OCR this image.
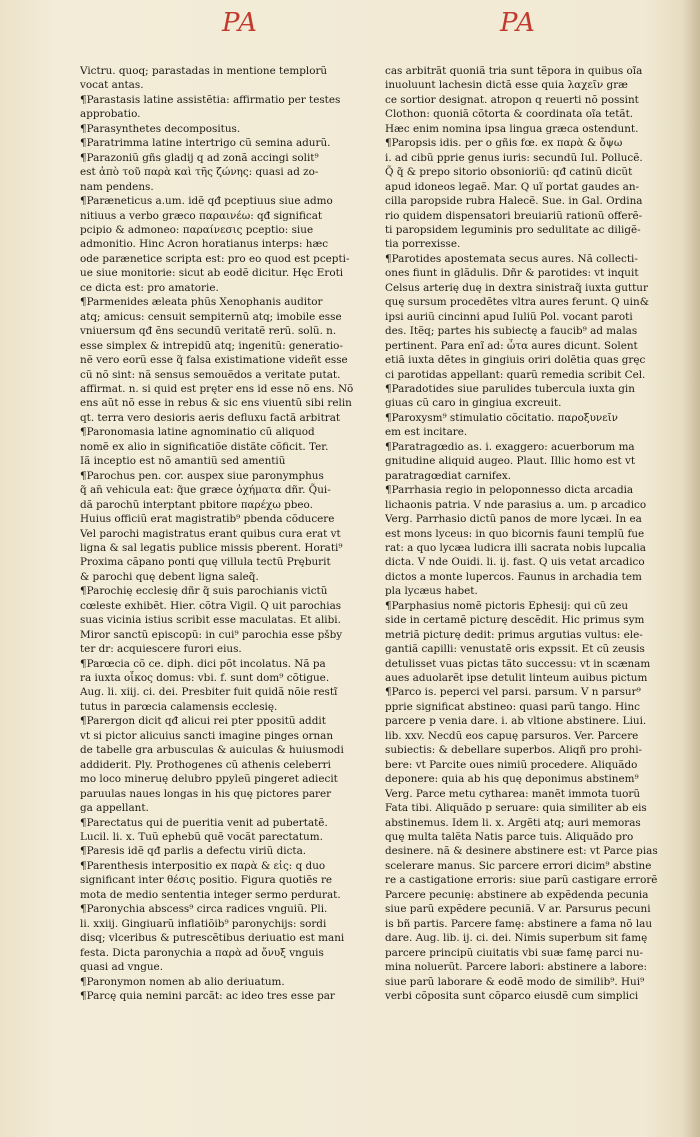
PA	PA
Victru. quoq; parastadas in mentione templorũ
vocat antas.
¶Parastasis latine assistẽtia: affirmatio per testes
approbatio.
¶Parasynthetes decompositus.
¶Paratrimma latine intertrigo cũ semina adurũ.
¶Parazoniũ gñs gladij q ad zonã accingi solit⁹
est ἀπὸ τοῦ παρὰ καὶ τῆς ζώνης: quasi ad zo-
nam pendens.
¶Paræneticus a.um. idẽ qđ pceptiuus siue admo
nitiuus a verbo græco παραινέω: qđ significat
pcipio & admoneo: παραίνεσις pceptio: siue
admonitio. Hinc Acron horatianus interps: hæc
ode parænetice scripta est: pro eo quod est pcepti-
ue siue monitorie: sicut ab eodẽ dicitur. Hęc Eroti
ce dicta est: pro amatorie.
¶Parmenides æleata phũs Xenophanis auditor
atq; amicus: censuit sempiternũ atq; imobile esse
vniuersum qđ ẽns secundũ veritatẽ rerũ. solũ. n.
esse simplex & intrepidũ atq; ingenitũ: generatio-
nẽ vero eorũ esse q̃ falsa existimatione videñt esse
cũ nõ sint: nã sensus semouẽdos a veritate putat.
affirmat. n. si quid est pręter ens id esse nõ ens. Nõ
ens aũt nõ esse in rebus & sic ens viuentũ sibi relin
qt. terra vero desioris aeris defluxu factã arbitrat
¶Paronomasia latine agnominatio cũ aliquod
nomẽ ex alio in significatiõe distãte cõficit. Ter.
Iã inceptio est nõ amantiũ sed amentiũ
¶Parochus pen. cor. auspex siue paronymphus
q̃ an̄ vehicula eat: q̃ue græce ὀχήματα dñr. Q̃ui-
dã parochũ interptant pbitore παρέχω pbeo.
Huius officiũ erat magistratib⁹ pbenda cõducere
Vel parochi magistratus erant quibus cura erat vt
ligna & sal legatis publice missis pberent. Horati⁹
Proxima cãpano ponti quę villula tectũ Pręburit
& parochi quę debent ligna saleq̃.
¶Parochię ecclesię dñr q̃ suis parochianis victũ
cœleste exhibẽt. Hier. cõtra Vigil. Q uit parochias
suas vicinia istius scribit esse maculatas. Et alibi.
Miror sanctũ episcopũ: in cui⁹ parochia esse pšby
ter dr: acquiescere furori eius.
¶Parœcia cõ ce. diph. dici põt incolatus. Nã pa
ra iuxta οἶκος domus: vbi. f. sunt dom⁹ cõtigue.
Aug. li. xiij. ci. dei. Presbiter fuit quidã nõie restĩ
tutus in parœcia calamensis ecclesię.
¶Parergon dicit qđ alicui rei pter ppositũ addit
vt si pictor alicuius sancti imagine pinges ornan
de tabelle gra arbusculas & auiculas & huiusmodi
addiderit. Ply. Prothogenes cũ athenis celeberri
mo loco mineruę delubro ppyleũ pingeret adiecit
paruulas naues longas in his quę pictores parer
ga appellant.
¶Parectatus qui de pueritia venit ad pubertatẽ.
Lucil. li. x. Tuũ ephebũ quẽ vocãt parectatum.
¶Paresis idẽ qđ parlis a defectu viriũ dicta.
¶Parenthesis interpositio ex παρὰ & εἰς: q duo
significant inter θέσις positio. Figura quotiẽs re
mota de medio sententia integer sermo perdurat.
¶Paronychia abscess⁹ circa radices vnguiũ. Pli.
li. xxiij. Gingiuarũ inflatiõib⁹ paronychijs: sordi
disq; vlceribus & putrescẽtibus deriuatio est mani
festa. Dicta paronychia a παρὰ ad ὄνυξ vnguis
quasi ad vngue.
¶Paronymon nomen ab alio deriuatum.
¶Parcę quia nemini parcãt: ac ideo tres esse par
cas arbitrãt quoniã tria sunt tẽpora in quibus oĩa
inuoluunt lachesin dictã esse quia λαχεῖν græ
ce sortior designat. atropon q reuerti nõ possint
Clothon: quoniã cõtorta & coordinata oĩa tetãt.
Hæc enim nomina ipsa lingua græca ostendunt.
¶Paropsis idis. per o gñis fœ. ex παρὰ & ὄψω
i. ad cibũ pprie genus iuris: secundũ Iul. Pollucẽ.
Q̃ q̃ & prepo sitorio obsonioriũ: qđ catinũ dicũt
apud idoneos legaẽ. Mar. Q uĩ portat gaudes an-
cilla paropside rubra Halecẽ. Sue. in Gal. Ordina
rio quidem dispensatori breuiariũ rationũ offerẽ-
ti paropsidem leguminis pro sedulitate ac diligẽ-
tia porrexisse.
¶Parotides apostemata secus aures. Nã collecti-
ones fiunt in glãdulis. Dñr & parotides: vt inquit
Celsus arterię duę in dextra sinistraq̃ iuxta guttur
quę sursum procedẽtes vltra aures ferunt. Q uin&
ipsi auriũ cincinni apud Iuliũ Pol. vocant paroti
des. Itẽq; partes his subiectę a faucib⁹ ad malas
pertinent. Para enĩ ad: ὦτα aures dicunt. Solent
etiã iuxta dẽtes in gingiuis oriri dolẽtia quas gręc
ci parotidas appellant: quarũ remedia scribit Cel.
¶Paradotides siue parulides tubercula iuxta gin
giuas cũ caro in gingiua excreuit.
¶Paroxysm⁹ stimulatio cõcitatio. παροξυνεῖν
em est incitare.
¶Paratragœdio as. i. exaggero: acuerborum ma
gnitudine aliquid augeo. Plaut. Illic homo est vt
paratragœdiat carnifex.
¶Parrhasia regio in peloponnesso dicta arcadia
lichaonis patria. V nde parasius a. um. p arcadico
Verg. Parrhasio dictũ panos de more lycæi. In ea
est mons lyceus: in quo bicornis fauni templũ fue
rat: a quo lycæa ludicra illi sacrata nobis lupcalia
dicta. V nde Ouidi. li. ij. fast. Q uis vetat arcadico
dictos a monte lupercos. Faunus in archadia tem
pla lycæus habet.
¶Parphasius nomẽ pictoris Ephesij: qui cũ zeu
side in certamẽ picturę descẽdit. Hic primus sym
metriã picturę dedit: primus argutias vultus: ele-
gantiã capilli: venustatẽ oris expssit. Et cũ zeusis
detulisset vuas pictas tãto successu: vt in scænam
aues aduolarẽt ipse detulit linteum auibus pictum
¶Parco is. peperci vel parsi. parsum. V n parsur⁹
pprie significat abstineo: quasi parũ tango. Hinc
parcere p venia dare. i. ab vltione abstinere. Liui.
lib. xxv. Necdũ eos capuę parsuros. Ver. Parcere
subiectis: & debellare superbos. Aliqñ pro prohi-
bere: vt Parcite oues nimiũ procedere. Aliquãdo
deponere: quia ab his quę deponimus abstinem⁹
Verg. Parce metu cytharea: manẽt immota tuorũ
Fata tibi. Aliquãdo p seruare: quia similiter ab eis
abstinemus. Idem li. x. Argẽti atq; auri memoras
quę multa talẽta Natis parce tuis. Aliquãdo pro
desinere. nã & desinere abstinere est: vt Parce pias
scelerare manus. Sic parcere errori dicim⁹ abstine
re a castigatione erroris: siue parũ castigare errorẽ
Parcere pecunię: abstinere ab expẽdenda pecunia
siue parũ expẽdere pecuniã. V ar. Parsurus pecuni
is bñ partis. Parcere famę: abstinere a fama nõ lau
dare. Aug. lib. ij. ci. dei. Nimis superbum sit famę
parcere principũ ciuitatis vbi suæ famę parci nu-
mina noluerũt. Parcere labori: abstinere a labore:
siue parũ laborare & eodẽ modo de similib⁹. Hui⁹
verbi cõposita sunt cõparco eiusdẽ cum simplici
